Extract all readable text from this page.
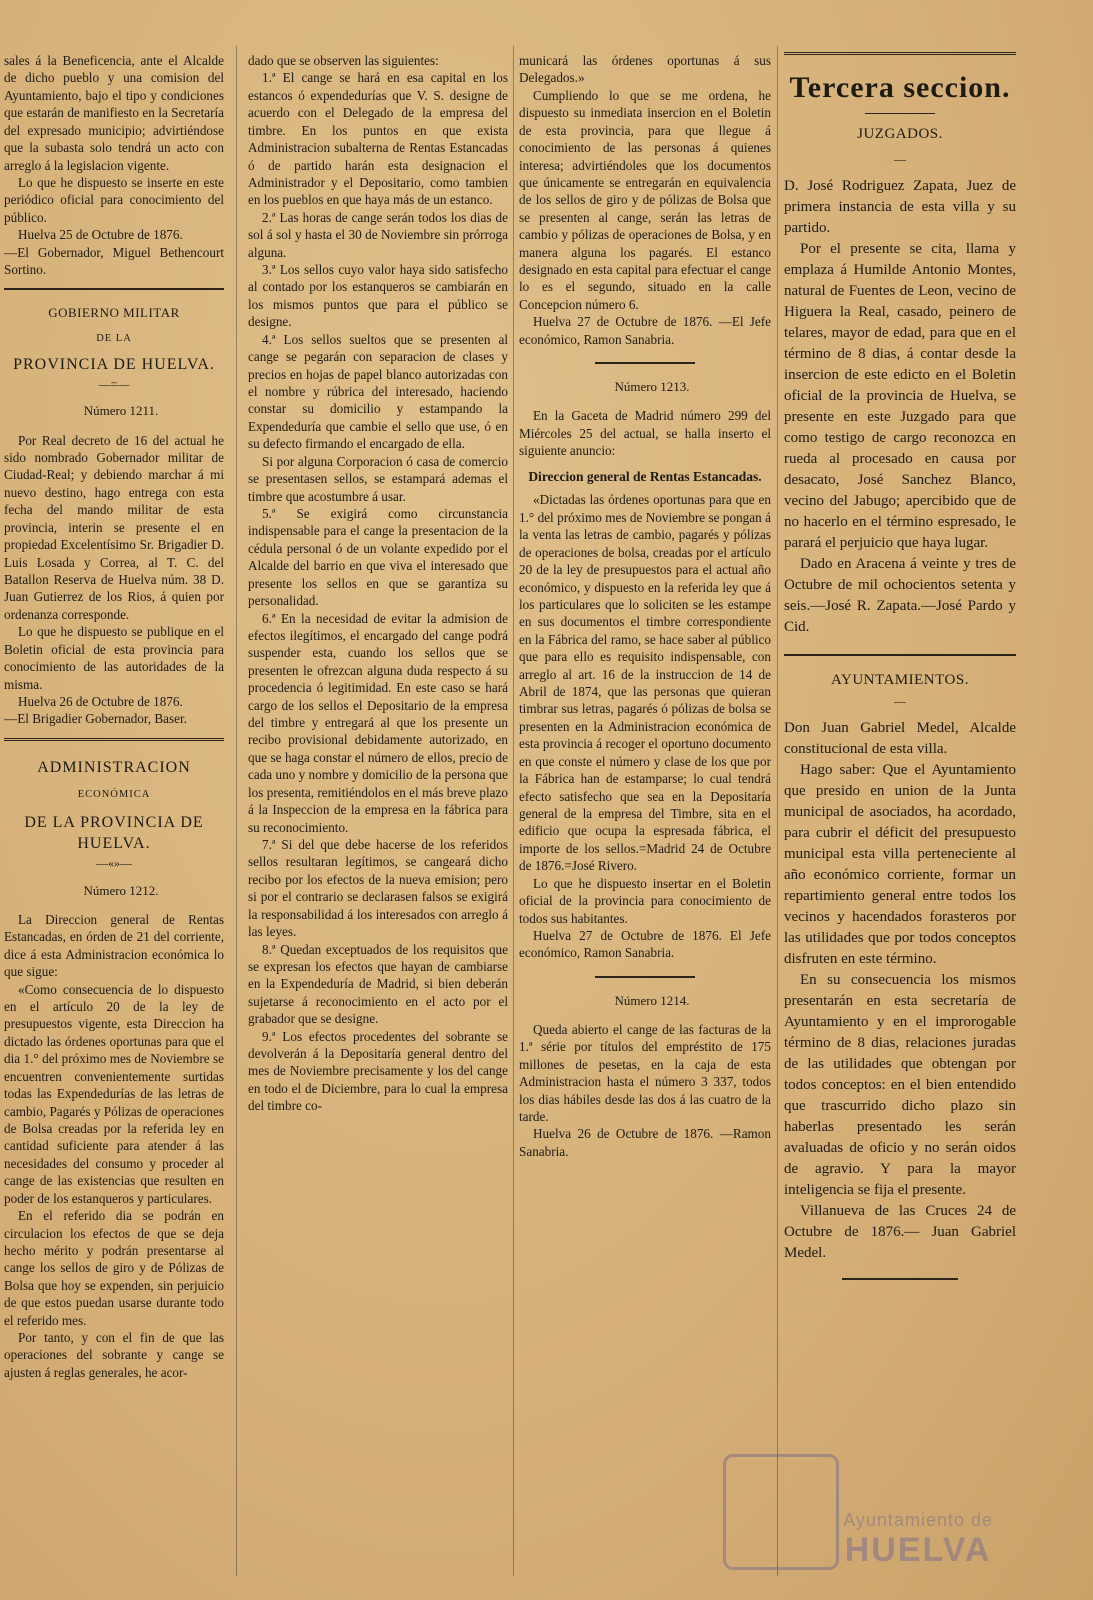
sales á la Beneficencia, ante el Alcalde de dicho pueblo y una comision del Ayuntamiento, bajo el tipo y condiciones que estarán de manifiesto en la Secretaría del expresado municipio; advirtiéndose que la subasta solo tendrá un acto con arreglo á la legislacion vigente.

Lo que he dispuesto se inserte en este periódico oficial para conocimiento del público.

Huelva 25 de Octubre de 1876.

—El Gobernador, Miguel Bethencourt Sortino.

GOBIERNO MILITAR
DE LA
PROVINCIA DE HUELVA.
—=—

Número 1211.

Por Real decreto de 16 del actual he sido nombrado Gobernador militar de Ciudad-Real; y debiendo marchar á mi nuevo destino, hago entrega con esta fecha del mando militar de esta provincia, interin se presente el en propiedad Excelentísimo Sr. Brigadier D. Luis Losada y Correa, al T. C. del Batallon Reserva de Huelva núm. 38 D. Juan Gutierrez de los Rios, á quien por ordenanza corresponde.

Lo que he dispuesto se publique en el Boletin oficial de esta provincia para conocimiento de las autoridades de la misma.

Huelva 26 de Octubre de 1876.

—El Brigadier Gobernador, Baser.

ADMINISTRACION
ECONÓMICA
DE LA PROVINCIA DE HUELVA.
—«»—

Número 1212.

La Direccion general de Rentas Estancadas, en órden de 21 del corriente, dice á esta Administracion económica lo que sigue:

«Como consecuencia de lo dispuesto en el artículo 20 de la ley de presupuestos vigente, esta Direccion ha dictado las órdenes oportunas para que el dia 1.° del próximo mes de Noviembre se encuentren convenientemente surtidas todas las Expendedurías de las letras de cambio, Pagarés y Pólizas de operaciones de Bolsa creadas por la referida ley en cantidad suficiente para atender á las necesidades del consumo y proceder al cange de las existencias que resulten en poder de los estanqueros y particulares.

En el referido dia se podrán en circulacion los efectos de que se deja hecho mérito y podrán presentarse al cange los sellos de giro y de Pólizas de Bolsa que hoy se expenden, sin perjuicio de que estos puedan usarse durante todo el referido mes.

Por tanto, y con el fin de que las operaciones del sobrante y cange se ajusten á reglas generales, he acor-

dado que se observen las siguientes:

1.ª El cange se hará en esa capital en los estancos ó expendedurías que V. S. designe de acuerdo con el Delegado de la empresa del timbre. En los puntos en que exista Administracion subalterna de Rentas Estancadas ó de partido harán esta designacion el Administrador y el Depositario, como tambien en los pueblos en que haya más de un estanco.

2.ª Las horas de cange serán todos los dias de sol á sol y hasta el 30 de Noviembre sin prórroga alguna.

3.ª Los sellos cuyo valor haya sido satisfecho al contado por los estanqueros se cambiarán en los mismos puntos que para el público se designe.

4.ª Los sellos sueltos que se presenten al cange se pegarán con separacion de clases y precios en hojas de papel blanco autorizadas con el nombre y rúbrica del interesado, haciendo constar su domicilio y estampando la Expendeduría que cambie el sello que use, ó en su defecto firmando el encargado de ella.

Si por alguna Corporacion ó casa de comercio se presentasen sellos, se estampará ademas el timbre que acostumbre á usar.

5.ª Se exigirá como circunstancia indispensable para el cange la presentacion de la cédula personal ó de un volante expedido por el Alcalde del barrio en que viva el interesado que presente los sellos en que se garantiza su personalidad.

6.ª En la necesidad de evitar la admision de efectos ilegítimos, el encargado del cange podrá suspender esta, cuando los sellos que se presenten le ofrezcan alguna duda respecto á su procedencia ó legitimidad. En este caso se hará cargo de los sellos el Depositario de la empresa del timbre y entregará al que los presente un recibo provisional debidamente autorizado, en que se haga constar el número de ellos, precio de cada uno y nombre y domicilio de la persona que los presenta, remitiéndolos en el más breve plazo á la Inspeccion de la empresa en la fábrica para su reconocimiento.

7.ª Si del que debe hacerse de los referidos sellos resultaran legítimos, se cangeará dicho recibo por los efectos de la nueva emision; pero si por el contrario se declarasen falsos se exigirá la responsabilidad á los interesados con arreglo á las leyes.

8.ª Quedan exceptuados de los requisitos que se expresan los efectos que hayan de cambiarse en la Expendeduría de Madrid, si bien deberán sujetarse á reconocimiento en el acto por el grabador que se designe.

9.ª Los efectos procedentes del sobrante se devolverán á la Depositaría general dentro del mes de Noviembre precisamente y los del cange en todo el de Diciembre, para lo cual la empresa del timbre co-

municará las órdenes oportunas á sus Delegados.»

Cumpliendo lo que se me ordena, he dispuesto su inmediata insercion en el Boletin de esta provincia, para que llegue á conocimiento de las personas á quienes interesa; advirtiéndoles que los documentos que únicamente se entregarán en equivalencia de los sellos de giro y de pólizas de Bolsa que se presenten al cange, serán las letras de cambio y pólizas de operaciones de Bolsa, y en manera alguna los pagarés. El estanco designado en esta capital para efectuar el cange lo es el segundo, situado en la calle Concepcion número 6.

Huelva 27 de Octubre de 1876. —El Jefe económico, Ramon Sanabria.

Número 1213.

En la Gaceta de Madrid número 299 del Miércoles 25 del actual, se halla inserto el siguiente anuncio:

Direccion general de Rentas Estancadas.

«Dictadas las órdenes oportunas para que en 1.° del próximo mes de Noviembre se pongan á la venta las letras de cambio, pagarés y pólizas de operaciones de bolsa, creadas por el artículo 20 de la ley de presupuestos para el actual año económico, y dispuesto en la referida ley que á los particulares que lo soliciten se les estampe en sus documentos el timbre correspondiente en la Fábrica del ramo, se hace saber al público que para ello es requisito indispensable, con arreglo al art. 16 de la instruccion de 14 de Abril de 1874, que las personas que quieran timbrar sus letras, pagarés ó pólizas de bolsa se presenten en la Administracion económica de esta provincia á recoger el oportuno documento en que conste el número y clase de los que por la Fábrica han de estamparse; lo cual tendrá efecto satisfecho que sea en la Depositaría general de la empresa del Timbre, sita en el edificio que ocupa la espresada fábrica, el importe de los sellos.=Madrid 24 de Octubre de 1876.=José Rivero.

Lo que he dispuesto insertar en el Boletin oficial de la provincia para conocimiento de todos sus habitantes.

Huelva 27 de Octubre de 1876. El Jefe económico, Ramon Sanabria.

Número 1214.

Queda abierto el cange de las facturas de la 1.ª série por títulos del empréstito de 175 millones de pesetas, en la caja de esta Administracion hasta el número 3 337, todos los dias hábiles desde las dos á las cuatro de la tarde.

Huelva 26 de Octubre de 1876. —Ramon Sanabria.

Tercera seccion.
JUZGADOS.
—

D. José Rodriguez Zapata, Juez de primera instancia de esta villa y su partido.

Por el presente se cita, llama y emplaza á Humilde Antonio Montes, natural de Fuentes de Leon, vecino de Higuera la Real, casado, peinero de telares, mayor de edad, para que en el término de 8 dias, á contar desde la insercion de este edicto en el Boletin oficial de la provincia de Huelva, se presente en este Juzgado para que como testigo de cargo reconozca en rueda al procesado en causa por desacato, José Sanchez Blanco, vecino del Jabugo; apercibido que de no hacerlo en el término espresado, le parará el perjuicio que haya lugar.

Dado en Aracena á veinte y tres de Octubre de mil ochocientos setenta y seis.—José R. Zapata.—José Pardo y Cid.

AYUNTAMIENTOS.
—

Don Juan Gabriel Medel, Alcalde constitucional de esta villa.

Hago saber: Que el Ayuntamiento que presido en union de la Junta municipal de asociados, ha acordado, para cubrir el déficit del presupuesto municipal esta villa perteneciente al año económico corriente, formar un repartimiento general entre todos los vecinos y hacendados forasteros por las utilidades que por todos conceptos disfruten en este término.

En su consecuencia los mismos presentarán en esta secretaría de Ayuntamiento y en el improrogable término de 8 dias, relaciones juradas de las utilidades que obtengan por todos conceptos: en el bien entendido que trascurrido dicho plazo sin haberlas presentado les serán avaluadas de oficio y no serán oidos de agravio. Y para la mayor inteligencia se fija el presente.

Villanueva de las Cruces 24 de Octubre de 1876.— Juan Gabriel Medel.

Ayuntamiento de
HUELVA
